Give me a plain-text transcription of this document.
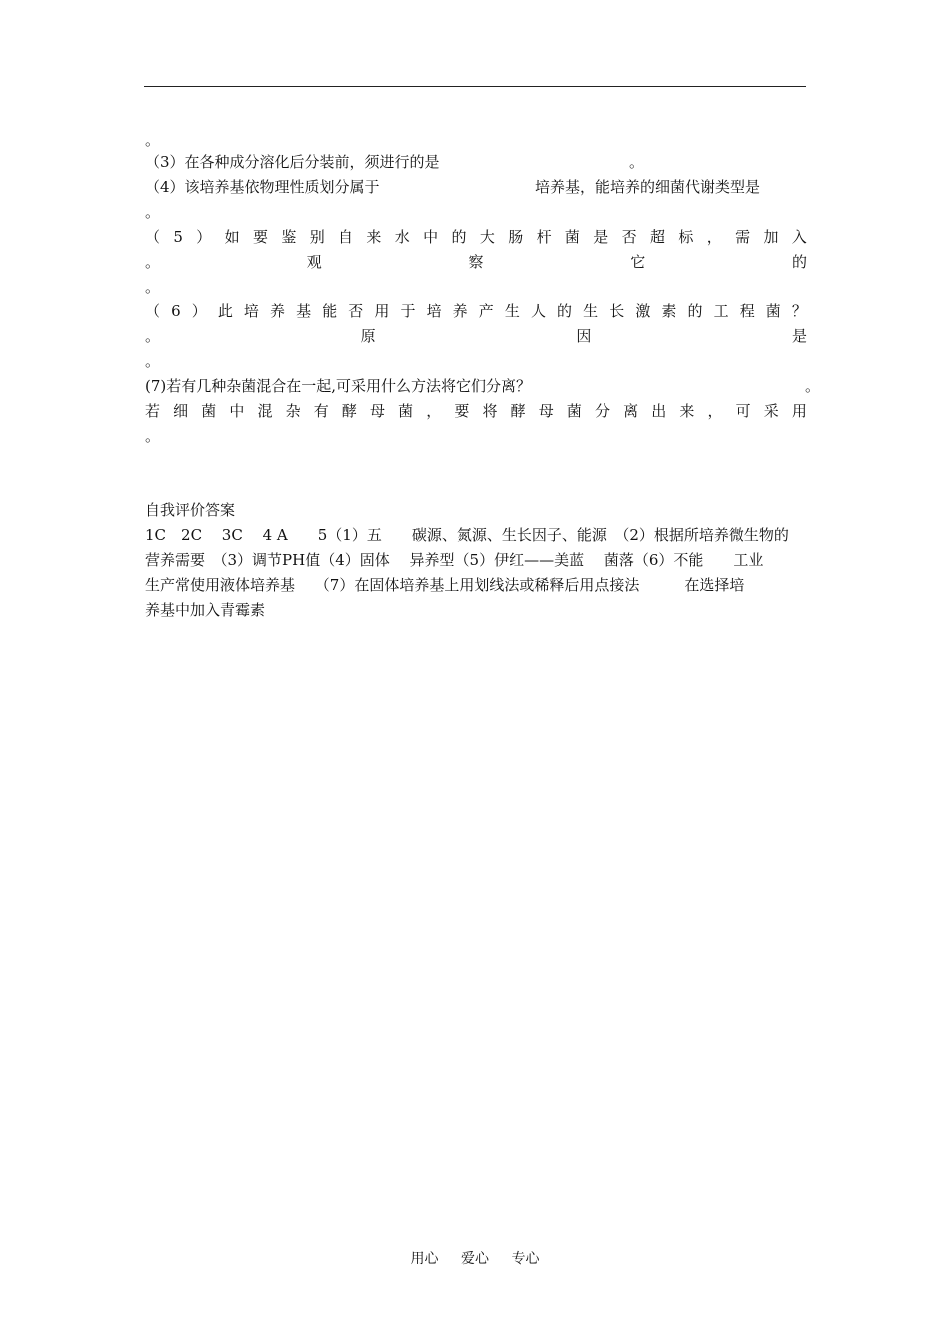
。
（3）在各种成分溶化后分装前，须进行的是	。
（4）该培养基依物理性质划分属于	培养基，能培养的细菌代谢类型是
。
（ 5 ） 如 要 鉴 别 自 来 水 中 的 大 肠 杆 菌 是 否 超 标 ， 需 加 入
。	观	察	它	的
。
（ 6 ） 此 培 养 基 能 否 用 于 培 养 产 生 人 的 生 长 激 素 的 工 程 菌 ？
。	原	因	是
。
(7)若有几种杂菌混合在一起,可采用什么方法将它们分离？	。
若 细 菌 中 混 杂 有 酵 母 菌 ， 要 将 酵 母 菌 分 离 出 来 ， 可 采 用
。
自我评价答案
1C　2C　 3C　 4 A　　5（1）五　　碳源、氮源、生长因子、能源　（2）根据所培养微生物的
营养需要　（3）调节PH值（4）固体　 异养型（5）伊红——美蓝　 菌落（6）不能　　工业
生产常使用液体培养基　 （7）在固体培养基上用划线法或稀释后用点接法　　　在选择培
养基中加入青霉素
用心 爱心 专心
